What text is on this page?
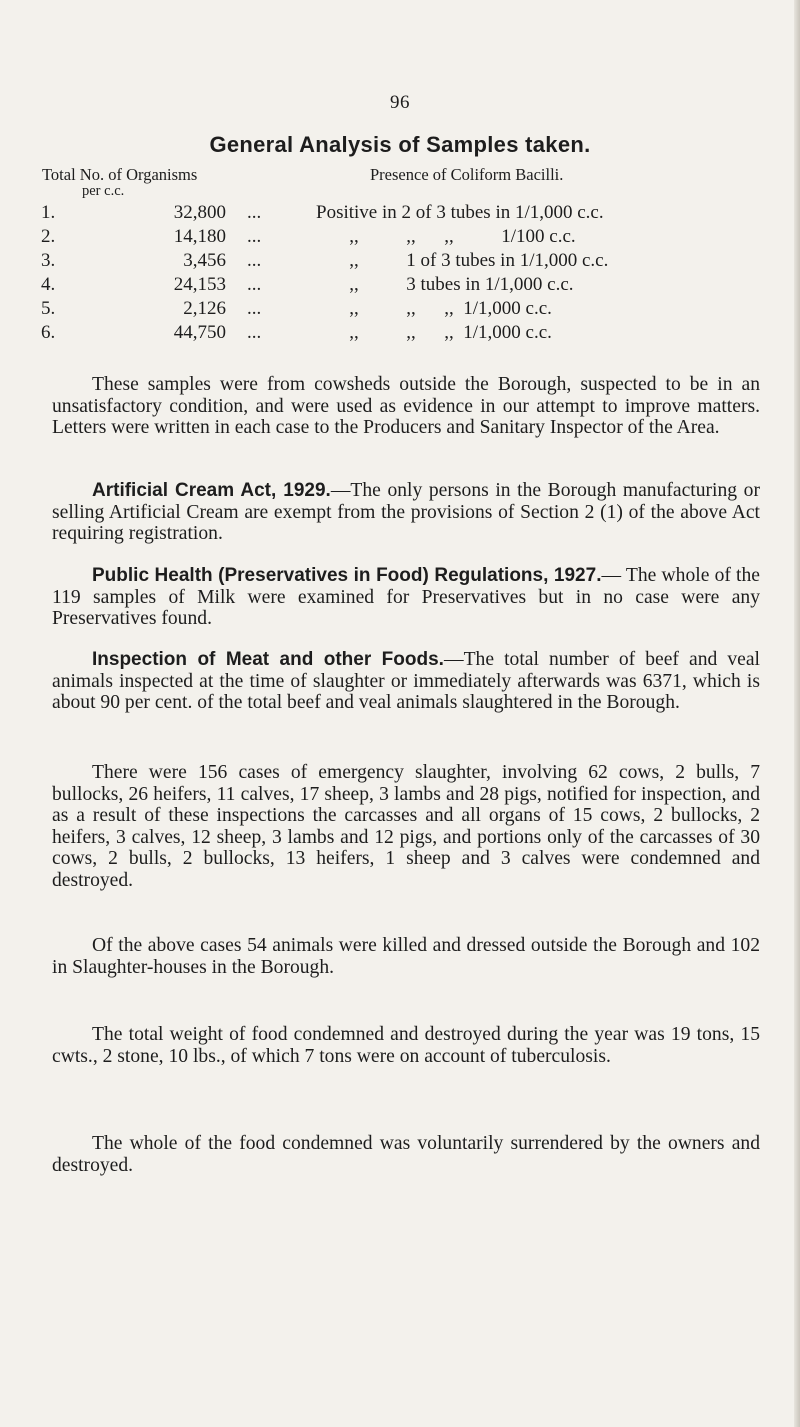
96
General Analysis of Samples taken.
Total No. of Organisms
per c.c.
Presence of Coliform Bacilli.
1.	32,800 ...	Positive in 2 of 3 tubes in 1/1,000 c.c.
2.	14,180 ...	,,          ,,      ,,          1/100 c.c.
3.	3,456 ...	,,          1 of 3 tubes in 1/1,000 c.c.
4.	24,153 ...	,,          3 tubes in 1/1,000 c.c.
5.	2,126 ...	,,          ,,      ,,  1/1,000 c.c.
6.	44,750 ...	,,          ,,      ,,  1/1,000 c.c.
These samples were from cowsheds outside the Borough, suspected to be in an unsatisfactory condition, and were used as evidence in our attempt to improve matters. Letters were written in each case to the Producers and Sanitary Inspector of the Area.
Artificial Cream Act, 1929.—The only persons in the Borough manufacturing or selling Artificial Cream are exempt from the provisions of Section 2 (1) of the above Act requiring registration.
Public Health (Preservatives in Food) Regulations, 1927.— The whole of the 119 samples of Milk were examined for Preservatives but in no case were any Preservatives found.
Inspection of Meat and other Foods.—The total number of beef and veal animals inspected at the time of slaughter or immediately afterwards was 6371, which is about 90 per cent. of the total beef and veal animals slaughtered in the Borough.
There were 156 cases of emergency slaughter, involving 62 cows, 2 bulls, 7 bullocks, 26 heifers, 11 calves, 17 sheep, 3 lambs and 28 pigs, notified for inspection, and as a result of these inspections the carcasses and all organs of 15 cows, 2 bullocks, 2 heifers, 3 calves, 12 sheep, 3 lambs and 12 pigs, and portions only of the carcasses of 30 cows, 2 bulls, 2 bullocks, 13 heifers, 1 sheep and 3 calves were condemned and destroyed.
Of the above cases 54 animals were killed and dressed outside the Borough and 102 in Slaughter-houses in the Borough.
The total weight of food condemned and destroyed during the year was 19 tons, 15 cwts., 2 stone, 10 lbs., of which 7 tons were on account of tuberculosis.
The whole of the food condemned was voluntarily surrendered by the owners and destroyed.
